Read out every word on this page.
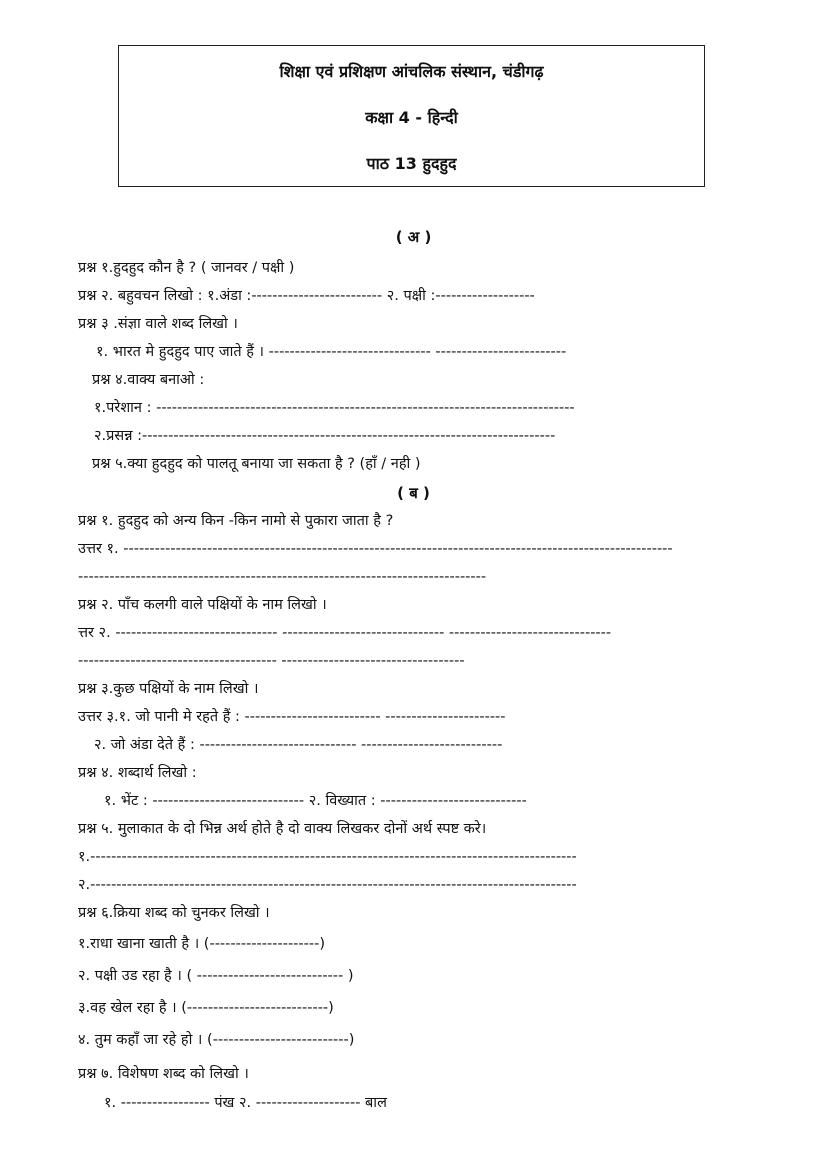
शिक्षा एवं प्रशिक्षण आंचलिक संस्थान, चंडीगढ़
कक्षा 4 - हिन्दी
पाठ 13 हुदहुद
( अ )
प्रश्न १.हुदहुद कौन है ? ( जानवर / पक्षी )
प्रश्न २. बहुवचन लिखो : १.अंडा :------------------------- २. पक्षी :-------------------
प्रश्न ३ .संज्ञा वाले शब्द लिखो ।
१. भारत मे हुदहुद पाए जाते हैं । ------------------------------- -------------------------
प्रश्न ४.वाक्य बनाओ :
१.परेशान : --------------------------------------------------------------------------------
२.प्रसन्न :-------------------------------------------------------------------------------
प्रश्न ५.क्या हुदहुद को पालतू बनाया जा सकता है ? (हाँ / नही )
( ब )
प्रश्न १. हुदहुद को अन्य किन -किन नामो से पुकारा जाता है ?
उत्तर १. ---------------------------------------------------------------------------------------------------------
------------------------------------------------------------------------------
प्रश्न २. पाँच कलगी वाले पक्षियों के नाम लिखो ।
त्तर २. ------------------------------- ------------------------------- -------------------------------
-------------------------------------- -----------------------------------
प्रश्न ३.कुछ पक्षियों के नाम लिखो ।
उत्तर ३.१. जो पानी मे रहते हैं : -------------------------- -----------------------
२. जो अंडा देते हैं : ------------------------------ ---------------------------
प्रश्न ४. शब्दार्थ लिखो :
१. भेंट : ----------------------------- २. विख्यात : ----------------------------
प्रश्न ५. मुलाकात के दो भिन्न अर्थ होते है दो वाक्य लिखकर दोनों अर्थ स्पष्ट करे।
१.---------------------------------------------------------------------------------------------
२.---------------------------------------------------------------------------------------------
प्रश्न ६.क्रिया शब्द को चुनकर लिखो ।
१.राधा खाना खाती है । (---------------------)
२. पक्षी उड रहा है । ( ---------------------------- )
३.वह खेल रहा है । (---------------------------)
४. तुम कहाँ जा रहे हो । (--------------------------)
प्रश्न ७. विशेषण शब्द को लिखो ।
१. ----------------- पंख २. -------------------- बाल
